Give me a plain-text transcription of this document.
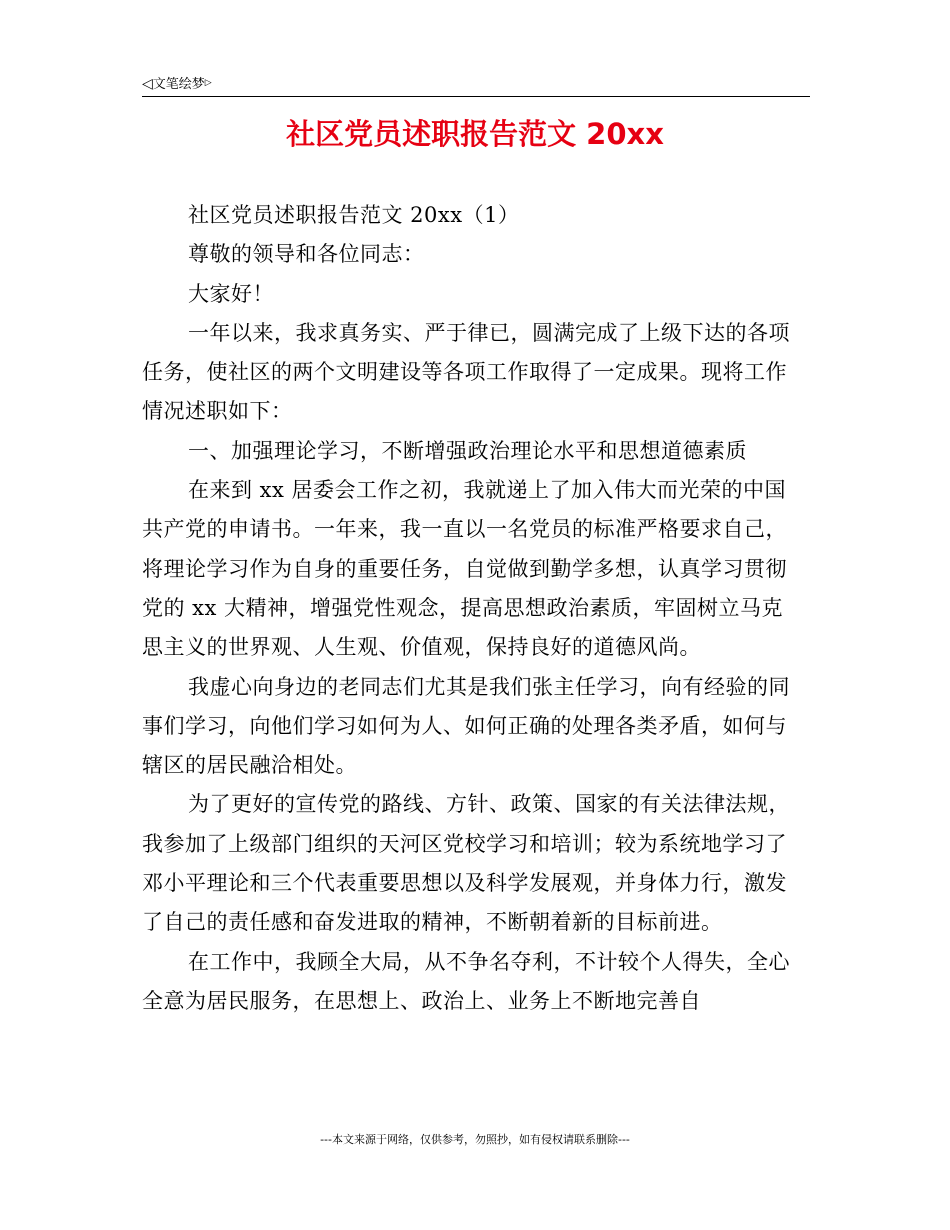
◁文笔绘梦▷
社区党员述职报告范文 20xx

社区党员述职报告范文 20xx（1）

尊敬的领导和各位同志：

大家好！

一年以来，我求真务实、严于律已，圆满完成了上级下达的各项任务，使社区的两个文明建设等各项工作取得了一定成果。现将工作情况述职如下：

一、加强理论学习，不断增强政治理论水平和思想道德素质

在来到 xx 居委会工作之初，我就递上了加入伟大而光荣的中国共产党的申请书。一年来，我一直以一名党员的标准严格要求自己，将理论学习作为自身的重要任务，自觉做到勤学多想，认真学习贯彻党的 xx 大精神，增强党性观念，提高思想政治素质，牢固树立马克思主义的世界观、人生观、价值观，保持良好的道德风尚。

我虚心向身边的老同志们尤其是我们张主任学习，向有经验的同事们学习，向他们学习如何为人、如何正确的处理各类矛盾，如何与辖区的居民融洽相处。

为了更好的宣传党的路线、方针、政策、国家的有关法律法规，我参加了上级部门组织的天河区党校学习和培训；较为系统地学习了邓小平理论和三个代表重要思想以及科学发展观，并身体力行，激发了自己的责任感和奋发进取的精神，不断朝着新的目标前进。

在工作中，我顾全大局，从不争名夺利，不计较个人得失，全心全意为居民服务，在思想上、政治上、业务上不断地完善自

---本文来源于网络，仅供参考，勿照抄，如有侵权请联系删除---
